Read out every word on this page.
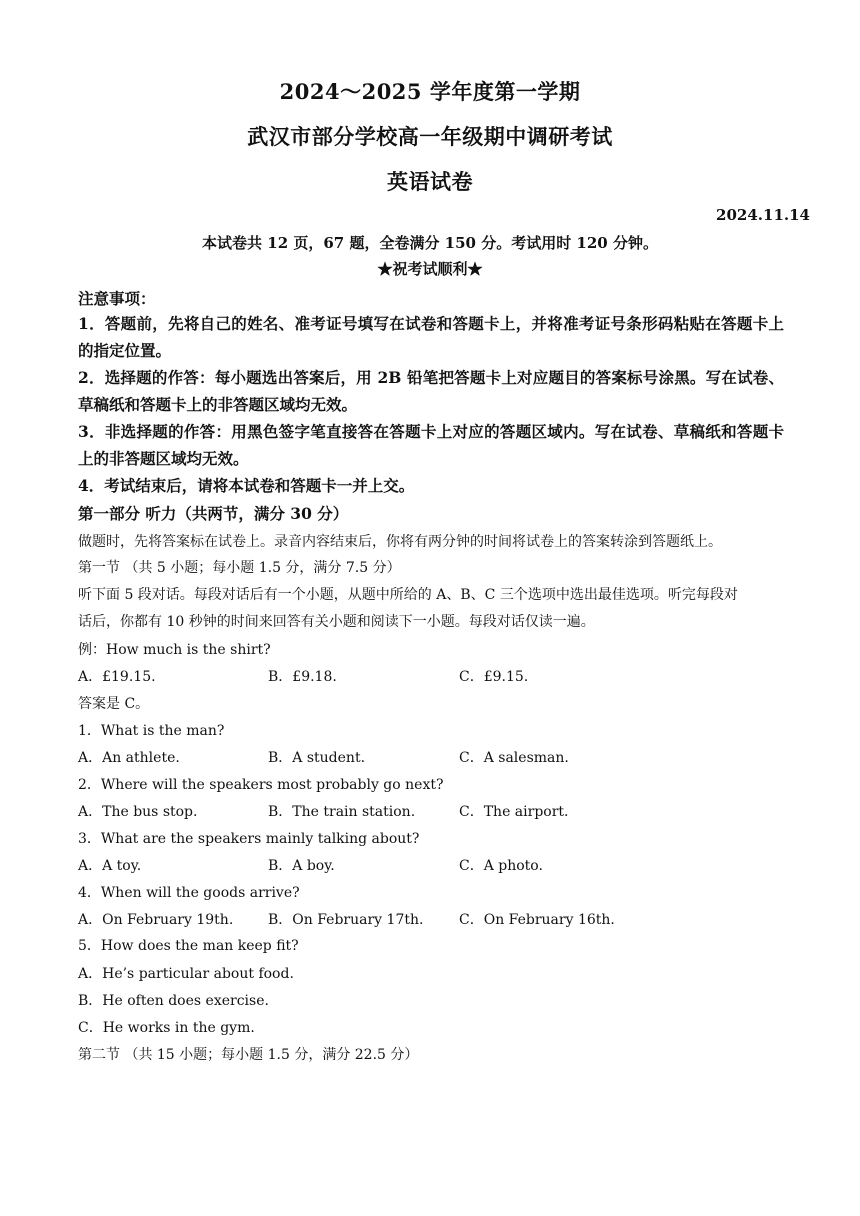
2024～2025 学年度第一学期
武汉市部分学校高一年级期中调研考试
英语试卷
2024.11.14
本试卷共 12 页，67 题，全卷满分 150 分。考试用时 120 分钟。
★祝考试顺利★
注意事项：
1．答题前，先将自己的姓名、准考证号填写在试卷和答题卡上，并将准考证号条形码粘贴在答题卡上的指定位置。
2．选择题的作答：每小题选出答案后，用 2B 铅笔把答题卡上对应题目的答案标号涂黑。写在试卷、草稿纸和答题卡上的非答题区域均无效。
3．非选择题的作答：用黑色签字笔直接答在答题卡上对应的答题区域内。写在试卷、草稿纸和答题卡上的非答题区域均无效。
4．考试结束后，请将本试卷和答题卡一并上交。
第一部分 听力（共两节，满分 30 分）
做题时，先将答案标在试卷上。录音内容结束后，你将有两分钟的时间将试卷上的答案转涂到答题纸上。
第一节 （共 5 小题；每小题 1.5 分，满分 7.5 分）
听下面 5 段对话。每段对话后有一个小题，从题中所给的 A、B、C 三个选项中选出最佳选项。听完每段对
话后，你都有 10 秒钟的时间来回答有关小题和阅读下一小题。每段对话仅读一遍。
例：How much is the shirt?
A．£19.15.	B．£9.18.	C．£9.15.
答案是 C。
1．What is the man?
A．An athlete.	B．A student.	C．A salesman.
2．Where will the speakers most probably go next?
A．The bus stop.	B．The train station.	C．The airport.
3．What are the speakers mainly talking about?
A．A toy.	B．A boy.	C．A photo.
4．When will the goods arrive?
A．On February 19th. B．On February 17th.	C．On February 16th.
5．How does the man keep fit?
A．He’s particular about food.
B．He often does exercise.
C．He works in the gym.
第二节 （共 15 小题；每小题 1.5 分，满分 22.5 分）
